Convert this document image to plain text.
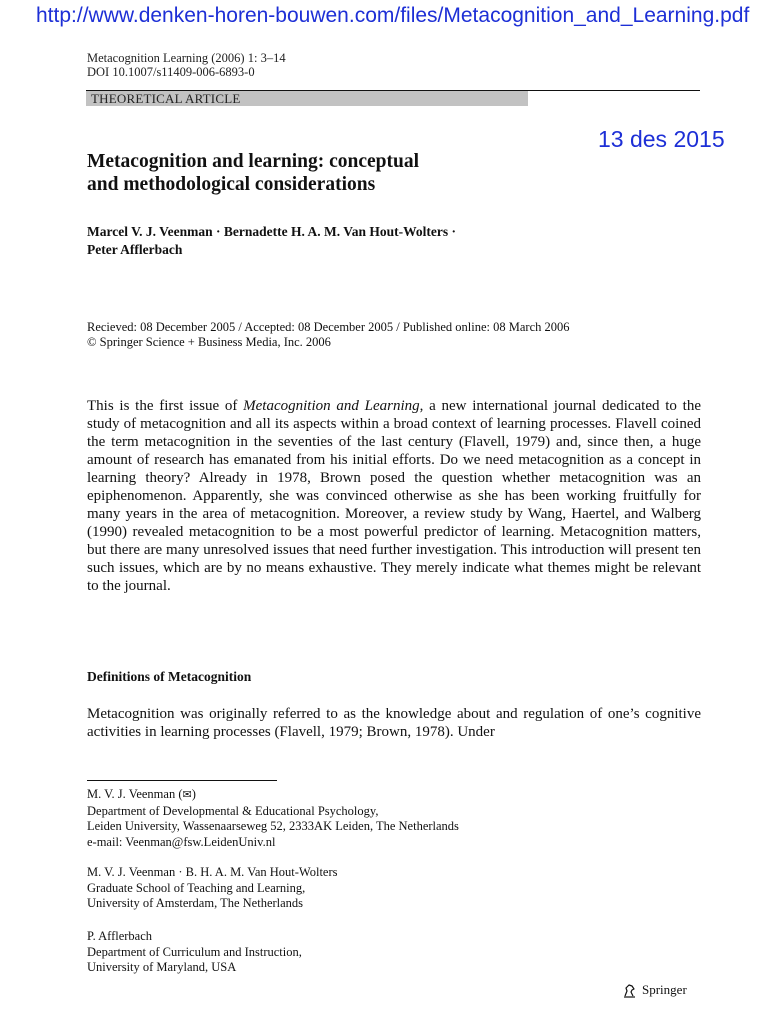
http://www.denken-horen-bouwen.com/files/Metacognition_and_Learning.pdf
Metacognition Learning (2006) 1: 3–14
DOI 10.1007/s11409-006-6893-0
THEORETICAL ARTICLE
13 des 2015
Metacognition and learning: conceptual
and methodological considerations
Marcel V. J. Veenman · Bernadette H. A. M. Van Hout-Wolters ·
Peter Afflerbach
Recieved: 08 December 2005 / Accepted: 08 December 2005 / Published online: 08 March 2006
© Springer Science + Business Media, Inc. 2006

This is the first issue of Metacognition and Learning, a new international journal dedicated to the study of metacognition and all its aspects within a broad context of learning processes. Flavell coined the term metacognition in the seventies of the last century (Flavell, 1979) and, since then, a huge amount of research has emanated from his initial efforts. Do we need metacognition as a concept in learning theory? Already in 1978, Brown posed the question whether metacognition was an epiphenomenon. Apparently, she was convinced otherwise as she has been working fruitfully for many years in the area of metacognition. Moreover, a review study by Wang, Haertel, and Walberg (1990) revealed metacognition to be a most powerful predictor of learning. Metacognition matters, but there are many unresolved issues that need further investigation. This introduction will present ten such issues, which are by no means exhaustive. They merely indicate what themes might be relevant to the journal.

Definitions of Metacognition

Metacognition was originally referred to as the knowledge about and regulation of one’s cognitive activities in learning processes (Flavell, 1979; Brown, 1978). Under

M. V. J. Veenman (✉)
Department of Developmental & Educational Psychology,
Leiden University, Wassenaarseweg 52, 2333AK Leiden, The Netherlands
e-mail: Veenman@fsw.LeidenUniv.nl
M. V. J. Veenman · B. H. A. M. Van Hout-Wolters
Graduate School of Teaching and Learning,
University of Amsterdam, The Netherlands
P. Afflerbach
Department of Curriculum and Instruction,
University of Maryland, USA
Springer
